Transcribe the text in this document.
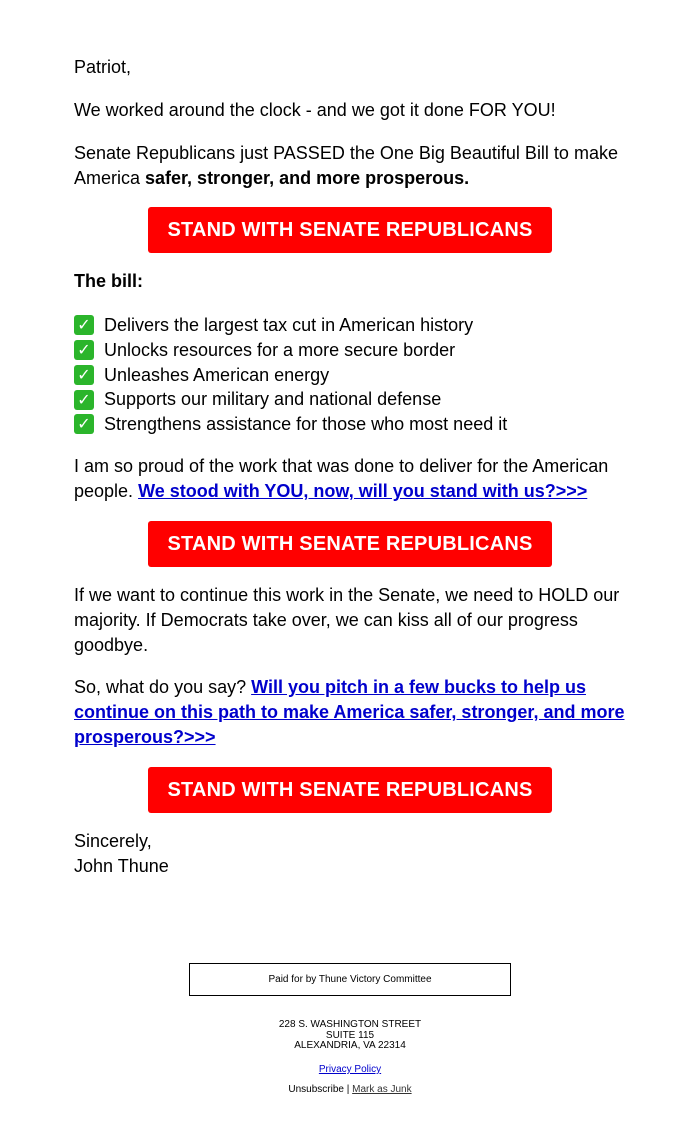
Patriot,

We worked around the clock - and we got it done FOR YOU!

Senate Republicans just PASSED the One Big Beautiful Bill to make America safer, stronger, and more prosperous.

The bill:

✓ Delivers the largest tax cut in American history
✓ Unlocks resources for a more secure border
✓ Unleashes American energy
✓ Supports our military and national defense
✓ Strengthens assistance for those who most need it

I am so proud of the work that was done to deliver for the American people. We stood with YOU, now, will you stand with us?>>>

If we want to continue this work in the Senate, we need to HOLD our majority. If Democrats take over, we can kiss all of our progress goodbye.

So, what do you say? Will you pitch in a few bucks to help us continue on this path to make America safer, stronger, and more prosperous?>>>

Sincerely,

John Thune

STAND WITH SENATE REPUBLICANS
STAND WITH SENATE REPUBLICANS
STAND WITH SENATE REPUBLICANS
Paid for by Thune Victory Committee
228 S. WASHINGTON STREET
SUITE 115
ALEXANDRIA, VA 22314
Privacy Policy
Unsubscribe | Mark as Junk
